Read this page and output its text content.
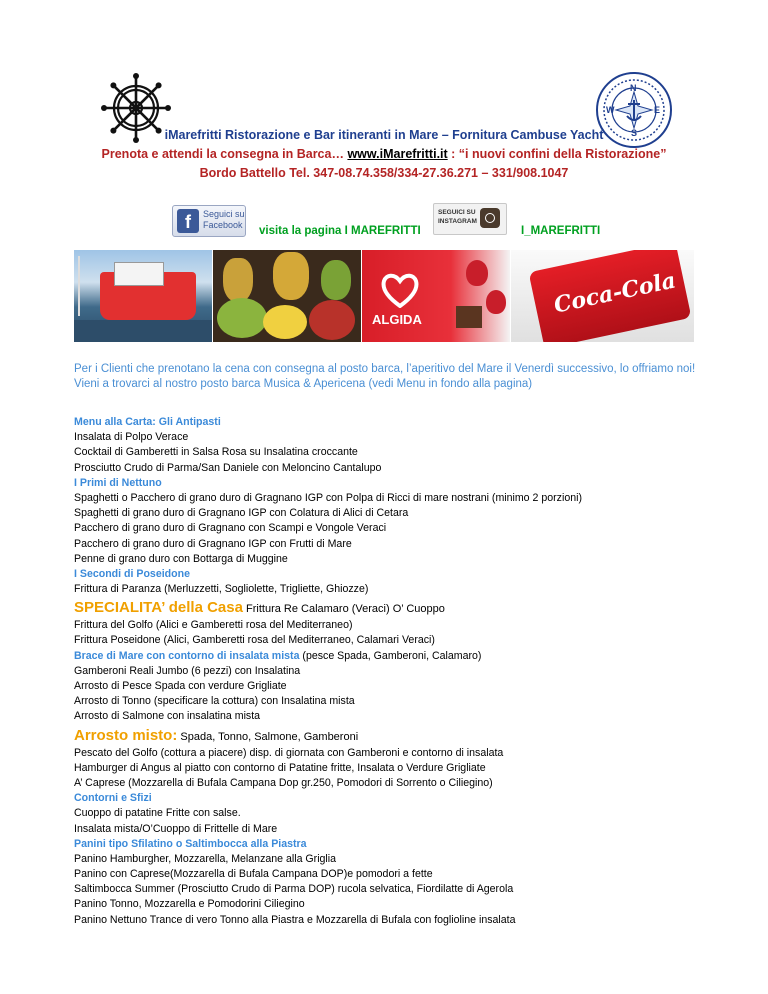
N
S
E
W
iMarefritti Ristorazione e Bar itineranti in Mare – Fornitura Cambuse Yacht
Prenota e attendi la consegna in Barca… www.iMarefritti.it : “i nuovi confini della Ristorazione”
Bordo Battello Tel. 347-08.74.358/334-27.36.271 – 331/908.1047
f	Seguici su
Facebook visita la pagina I MAREFRITTI
SEGUICI SU
INSTAGRAM
I_MAREFRITTI
ALGIDA
Coca-Cola
Per i Clienti che prenotano la cena con consegna al posto barca, l’aperitivo del Mare il Venerdì successivo, lo offriamo noi!
Vieni a trovarci al nostro posto barca Musica & Apericena (vedi Menu in fondo alla pagina)
Menu alla Carta: Gli Antipasti
Insalata di Polpo Verace
Cocktail di Gamberetti in Salsa Rosa su Insalatina croccante
Prosciutto Crudo di Parma/San Daniele con Meloncino Cantalupo
I Primi di Nettuno
Spaghetti o Pacchero di grano duro di Gragnano IGP con Polpa di Ricci di mare nostrani (minimo 2 porzioni)
Spaghetti di grano duro di Gragnano IGP con Colatura di Alici di Cetara
Pacchero di grano duro di Gragnano con Scampi e Vongole Veraci
Pacchero di grano duro di Gragnano IGP con Frutti di Mare
Penne di grano duro con Bottarga di Muggine
I Secondi di Poseidone
Frittura di Paranza (Merluzzetti, Sogliolette, Trigliette, Ghiozze)
SPECIALITA’ della Casa Frittura Re Calamaro (Veraci) O’ Cuoppo
Frittura del Golfo (Alici e Gamberetti rosa del Mediterraneo)
Frittura Poseidone (Alici, Gamberetti rosa del Mediterraneo, Calamari Veraci)
Brace di Mare con contorno di insalata mista (pesce Spada, Gamberoni, Calamaro)
Gamberoni Reali Jumbo (6 pezzi) con Insalatina
Arrosto di Pesce Spada con verdure Grigliate
Arrosto di Tonno (specificare la cottura) con Insalatina mista
Arrosto di Salmone con insalatina mista
Arrosto misto: Spada, Tonno, Salmone, Gamberoni
Pescato del Golfo (cottura a piacere) disp. di giornata con Gamberoni e contorno di insalata
Hamburger di Angus al piatto con contorno di Patatine fritte, Insalata o Verdure Grigliate
A’ Caprese (Mozzarella di Bufala Campana Dop gr.250, Pomodori di Sorrento o Ciliegino)
Contorni e Sfizi
Cuoppo di patatine Fritte con salse.
Insalata mista/O’Cuoppo di Frittelle di Mare
Panini tipo Sfilatino o Saltimbocca alla Piastra
Panino Hamburgher, Mozzarella, Melanzane alla Griglia
Panino con Caprese(Mozzarella di Bufala Campana DOP)e pomodori a fette
Saltimbocca Summer (Prosciutto Crudo di Parma DOP) rucola selvatica, Fiordilatte di Agerola
Panino Tonno, Mozzarella e Pomodorini Ciliegino
Panino Nettuno Trance di vero Tonno alla Piastra e Mozzarella di Bufala con foglioline insalata
